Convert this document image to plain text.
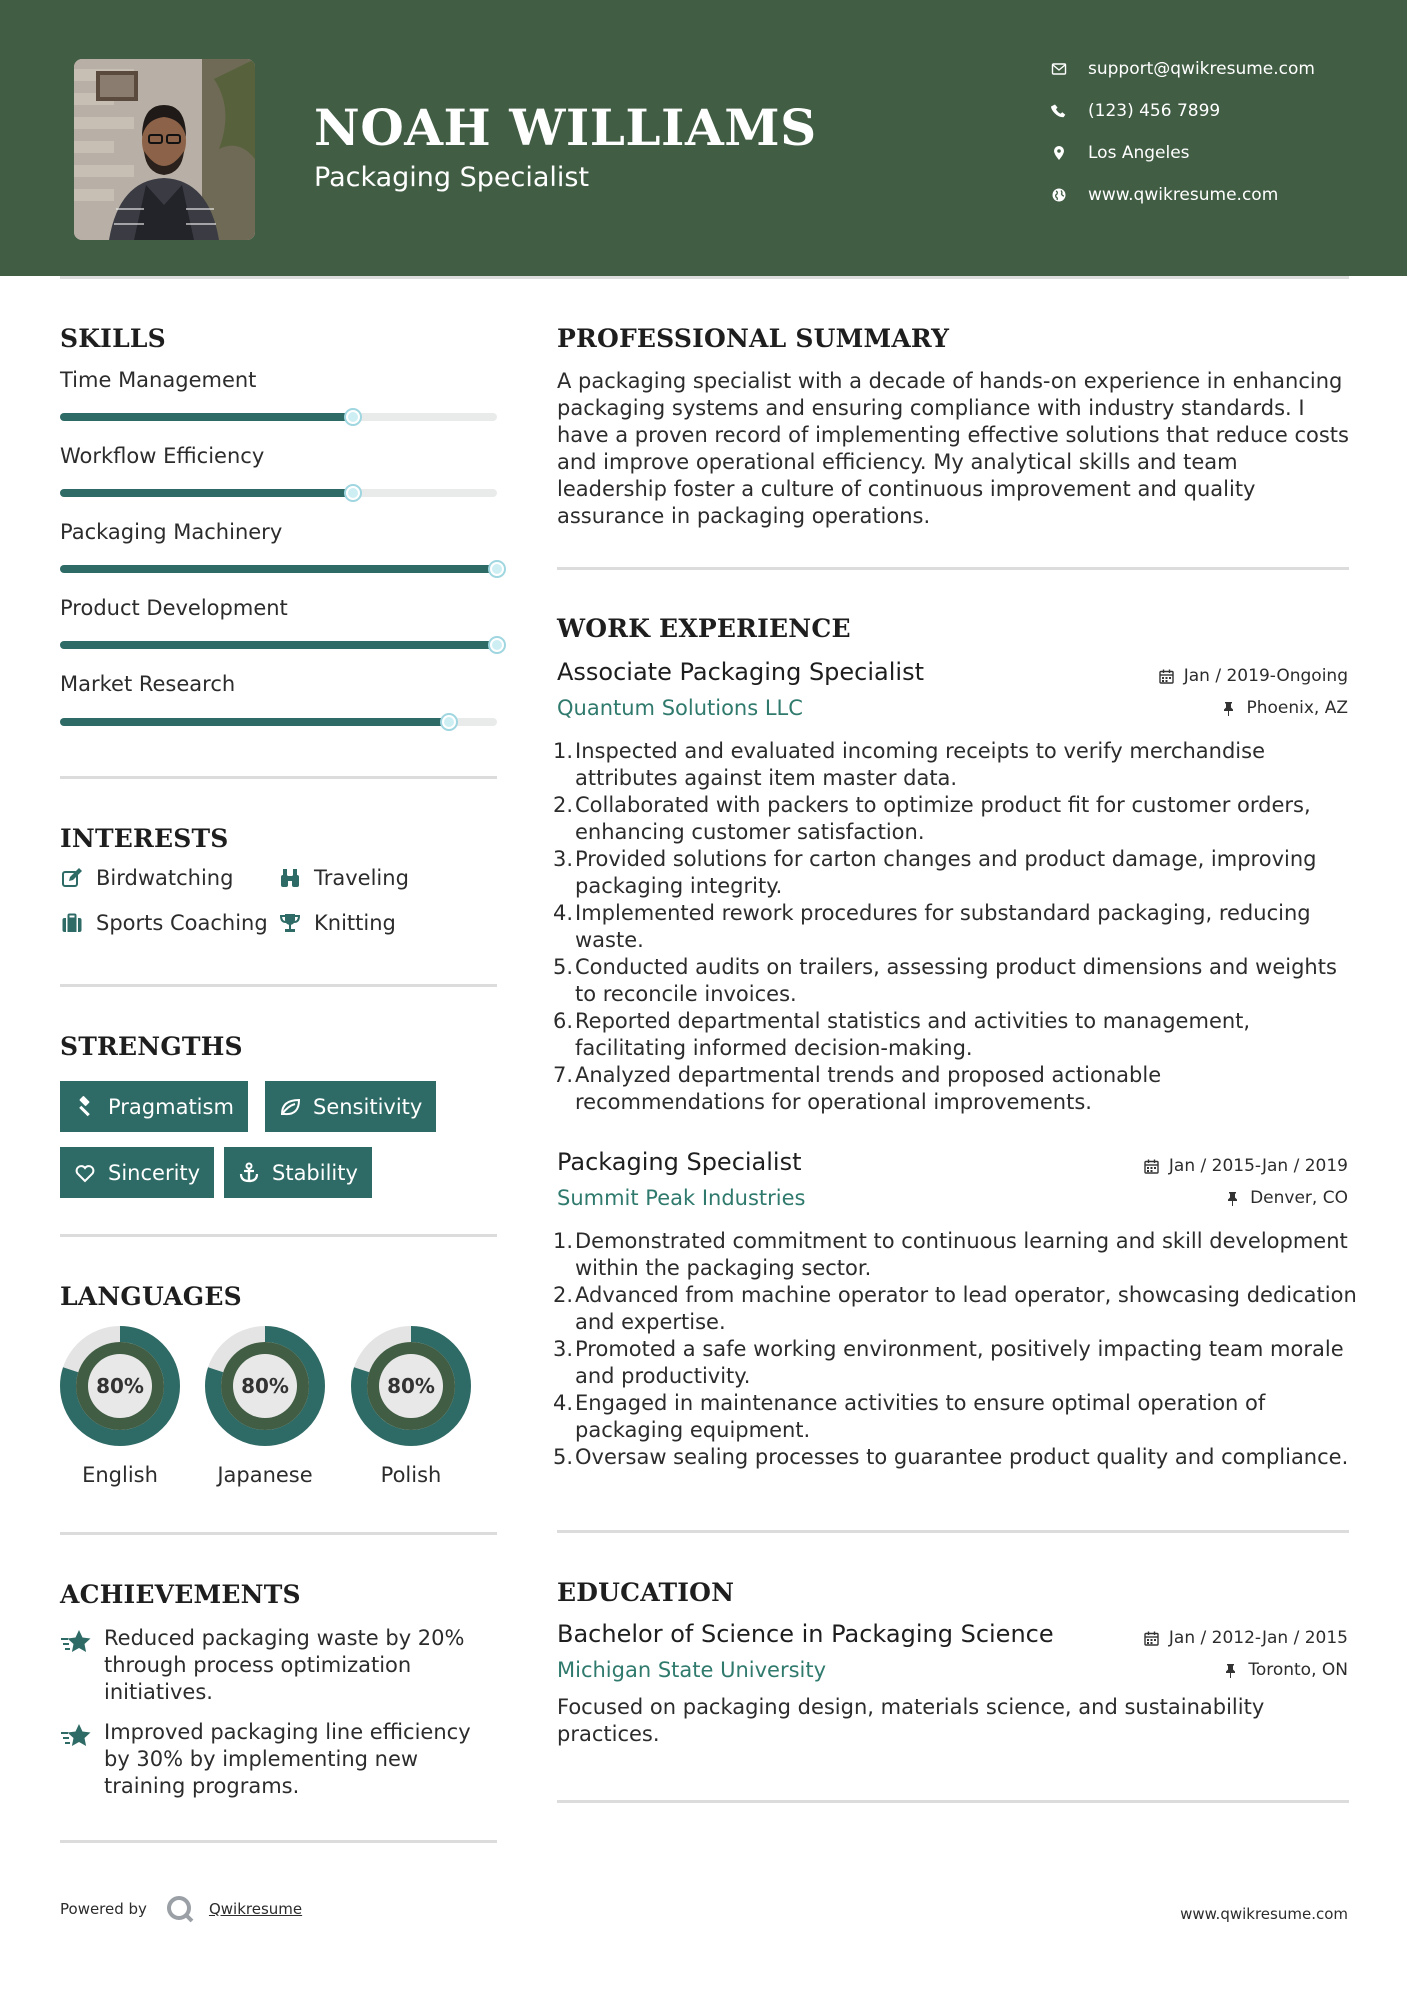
NOAH WILLIAMS
Packaging Specialist
support@qwikresume.com
(123) 456 7899
Los Angeles
www.qwikresume.com
SKILLS
Time Management
Workflow Efficiency
Packaging Machinery
Product Development
Market Research
INTERESTS
Birdwatching	Traveling
Sports Coaching Knitting
STRENGTHS
Pragmatism	Sensitivity
Sincerity	Stability
LANGUAGES
80%
English
80%
Japanese
80%
Polish
ACHIEVEMENTS
Reduced packaging waste by 20% through process optimization initiatives.
Improved packaging line efficiency by 30% by implementing new training programs.
PROFESSIONAL SUMMARY
A packaging specialist with a decade of hands-on experience in enhancing packaging systems and ensuring compliance with industry standards. I have a proven record of implementing effective solutions that reduce costs and improve operational efficiency. My analytical skills and team leadership foster a culture of continuous improvement and quality assurance in packaging operations.
WORK EXPERIENCE
Associate Packaging Specialist	Jan / 2019-Ongoing
Quantum Solutions LLC	Phoenix, AZ
1. Inspected and evaluated incoming receipts to verify merchandise attributes against item master data.
2. Collaborated with packers to optimize product fit for customer orders, enhancing customer satisfaction.
3. Provided solutions for carton changes and product damage, improving packaging integrity.
4. Implemented rework procedures for substandard packaging, reducing waste.
5. Conducted audits on trailers, assessing product dimensions and weights to reconcile invoices.
6. Reported departmental statistics and activities to management, facilitating informed decision-making.
7. Analyzed departmental trends and proposed actionable recommendations for operational improvements.
Packaging Specialist	Jan / 2015-Jan / 2019
Summit Peak Industries	Denver, CO
1. Demonstrated commitment to continuous learning and skill development within the packaging sector.
2. Advanced from machine operator to lead operator, showcasing dedication and expertise.
3. Promoted a safe working environment, positively impacting team morale and productivity.
4. Engaged in maintenance activities to ensure optimal operation of packaging equipment.
5. Oversaw sealing processes to guarantee product quality and compliance.
EDUCATION
Bachelor of Science in Packaging Science	Jan / 2012-Jan / 2015
Michigan State University	Toronto, ON
Focused on packaging design, materials science, and sustainability practices.
Powered by	Qwikresume	www.qwikresume.com
